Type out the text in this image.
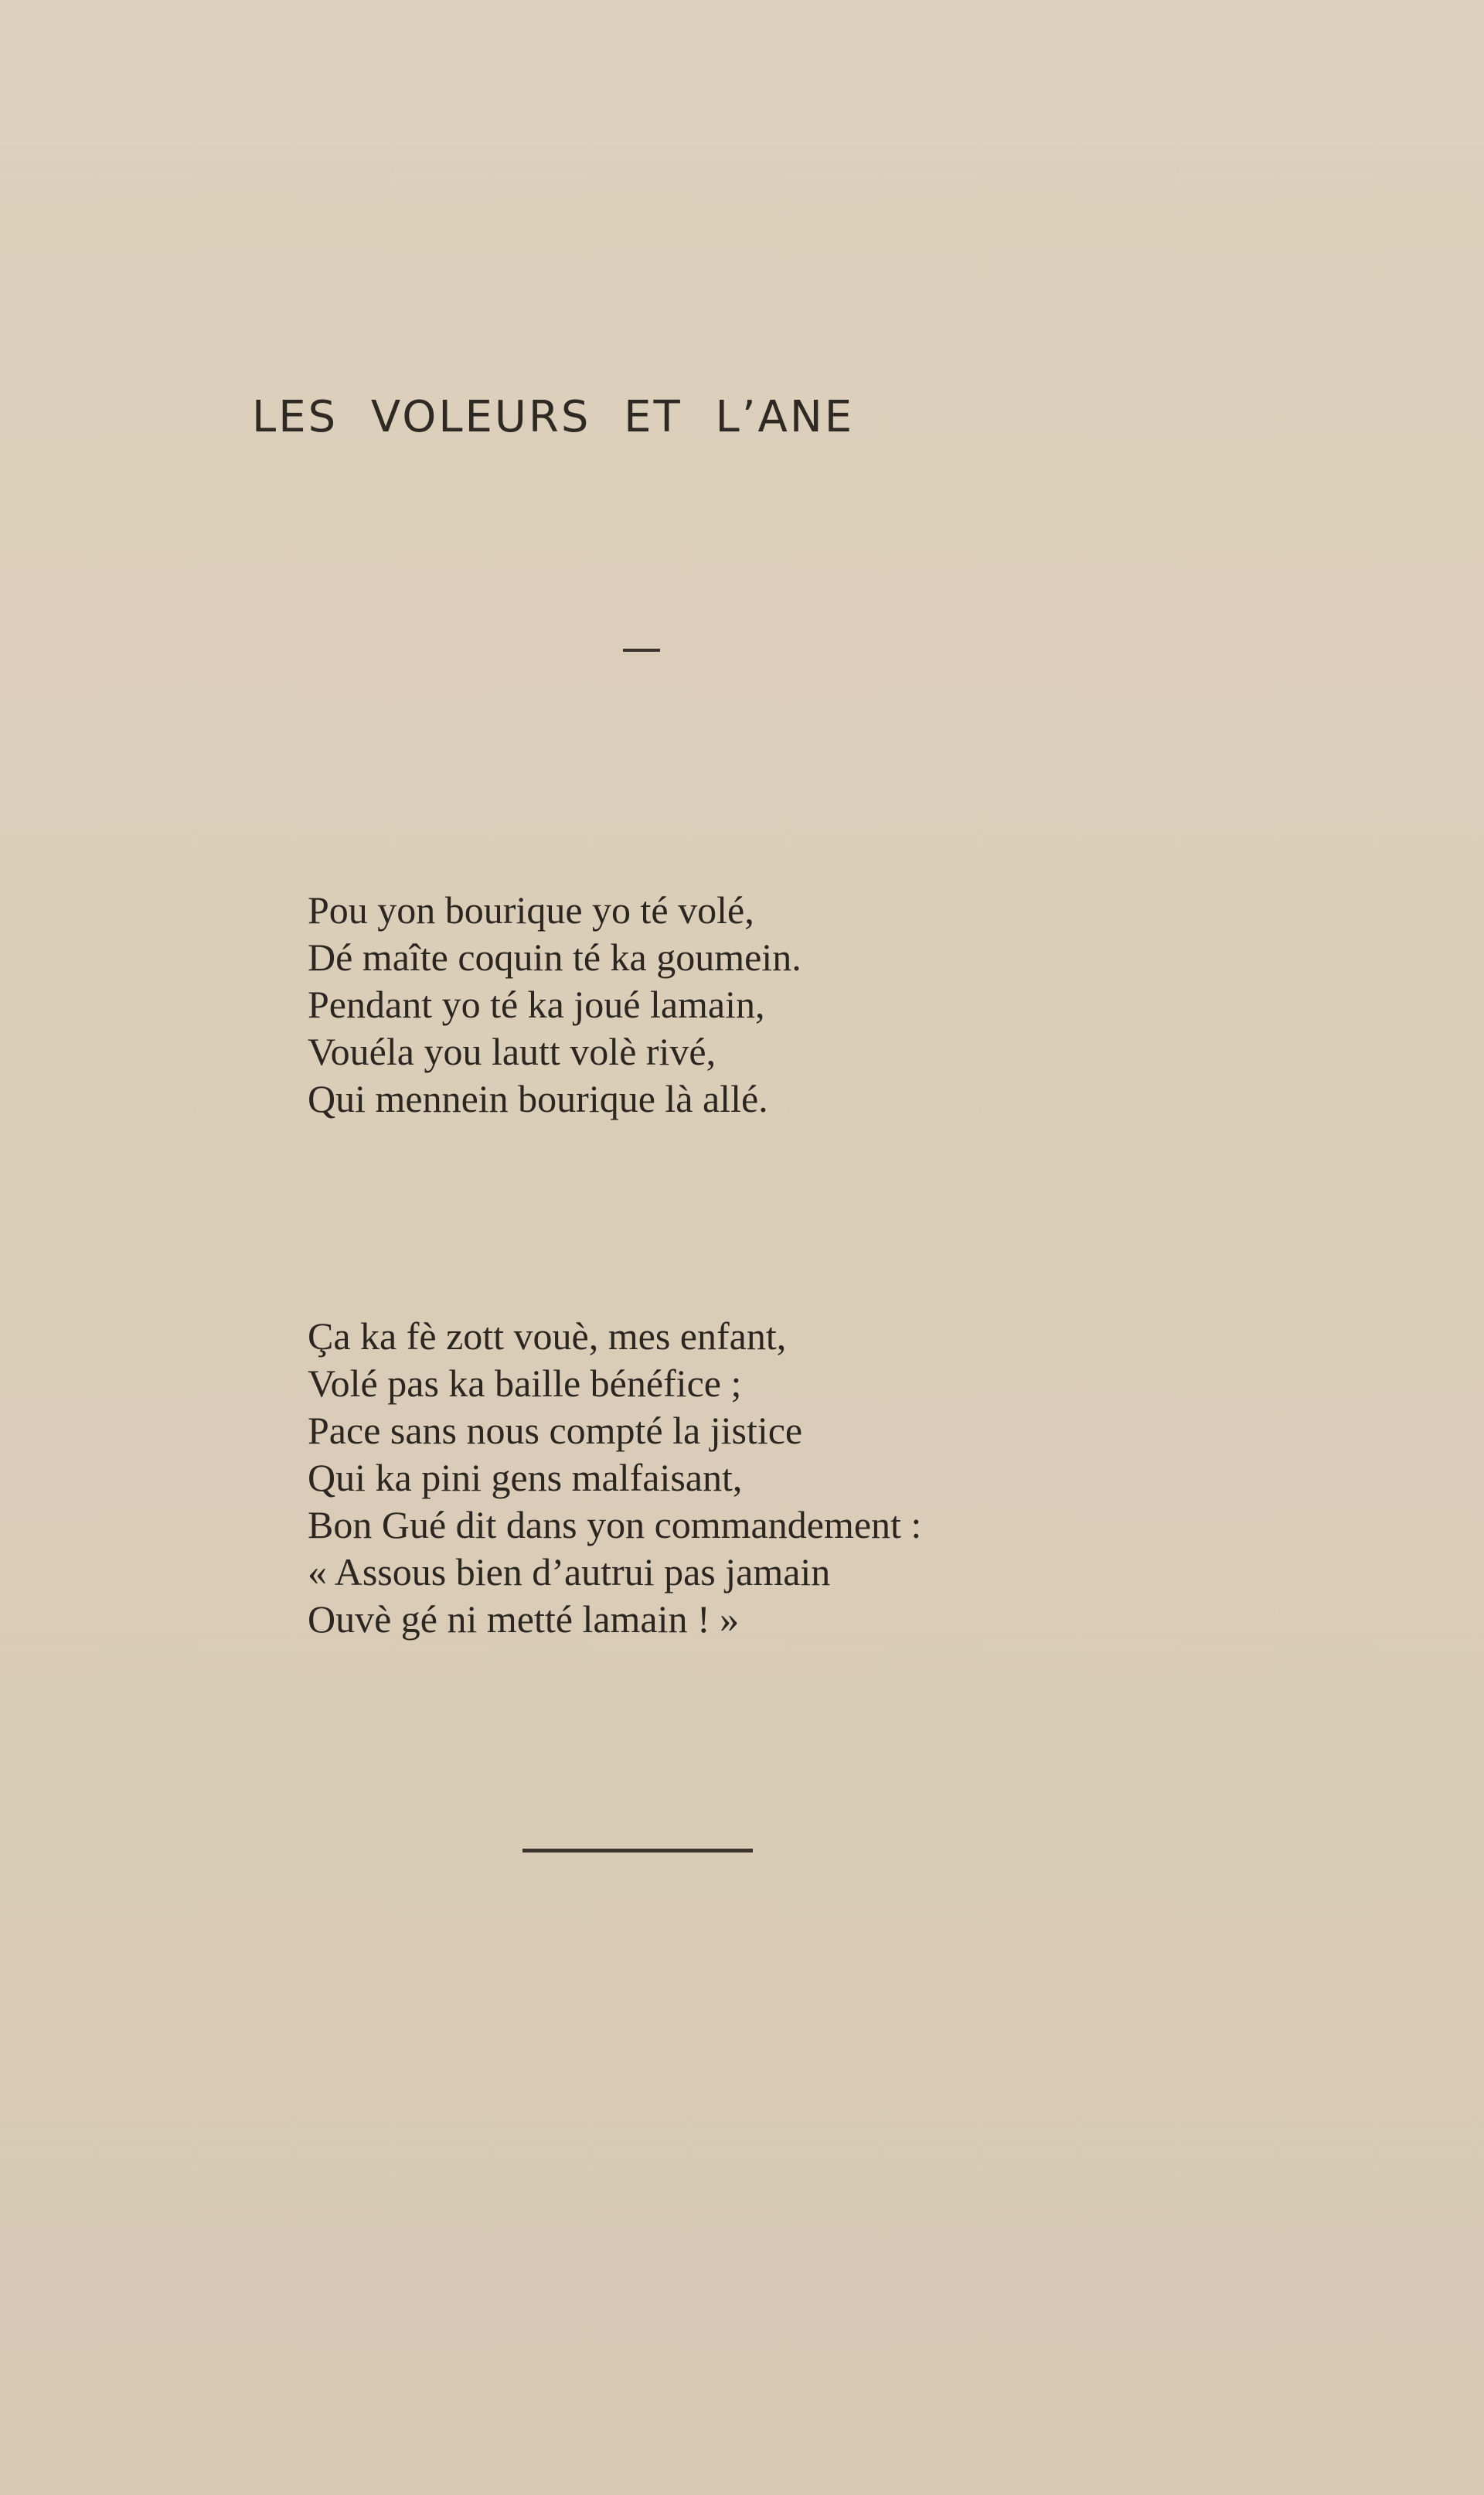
LES VOLEURS ET L’ANE
Pou yon bourique yo té volé,
Dé maîte coquin té ka goumein.
Pendant yo té ka joué lamain,
Vouéla you lautt volè rivé,
Qui mennein bourique là allé.
Ça ka fè zott vouè, mes enfant,
Volé pas ka baille bénéfice ;
Pace sans nous compté la jistice
Qui ka pini gens malfaisant,
Bon Gué dit dans yon commandement :
« Assous bien d’autrui pas jamain
Ouvè gé ni metté lamain ! »
